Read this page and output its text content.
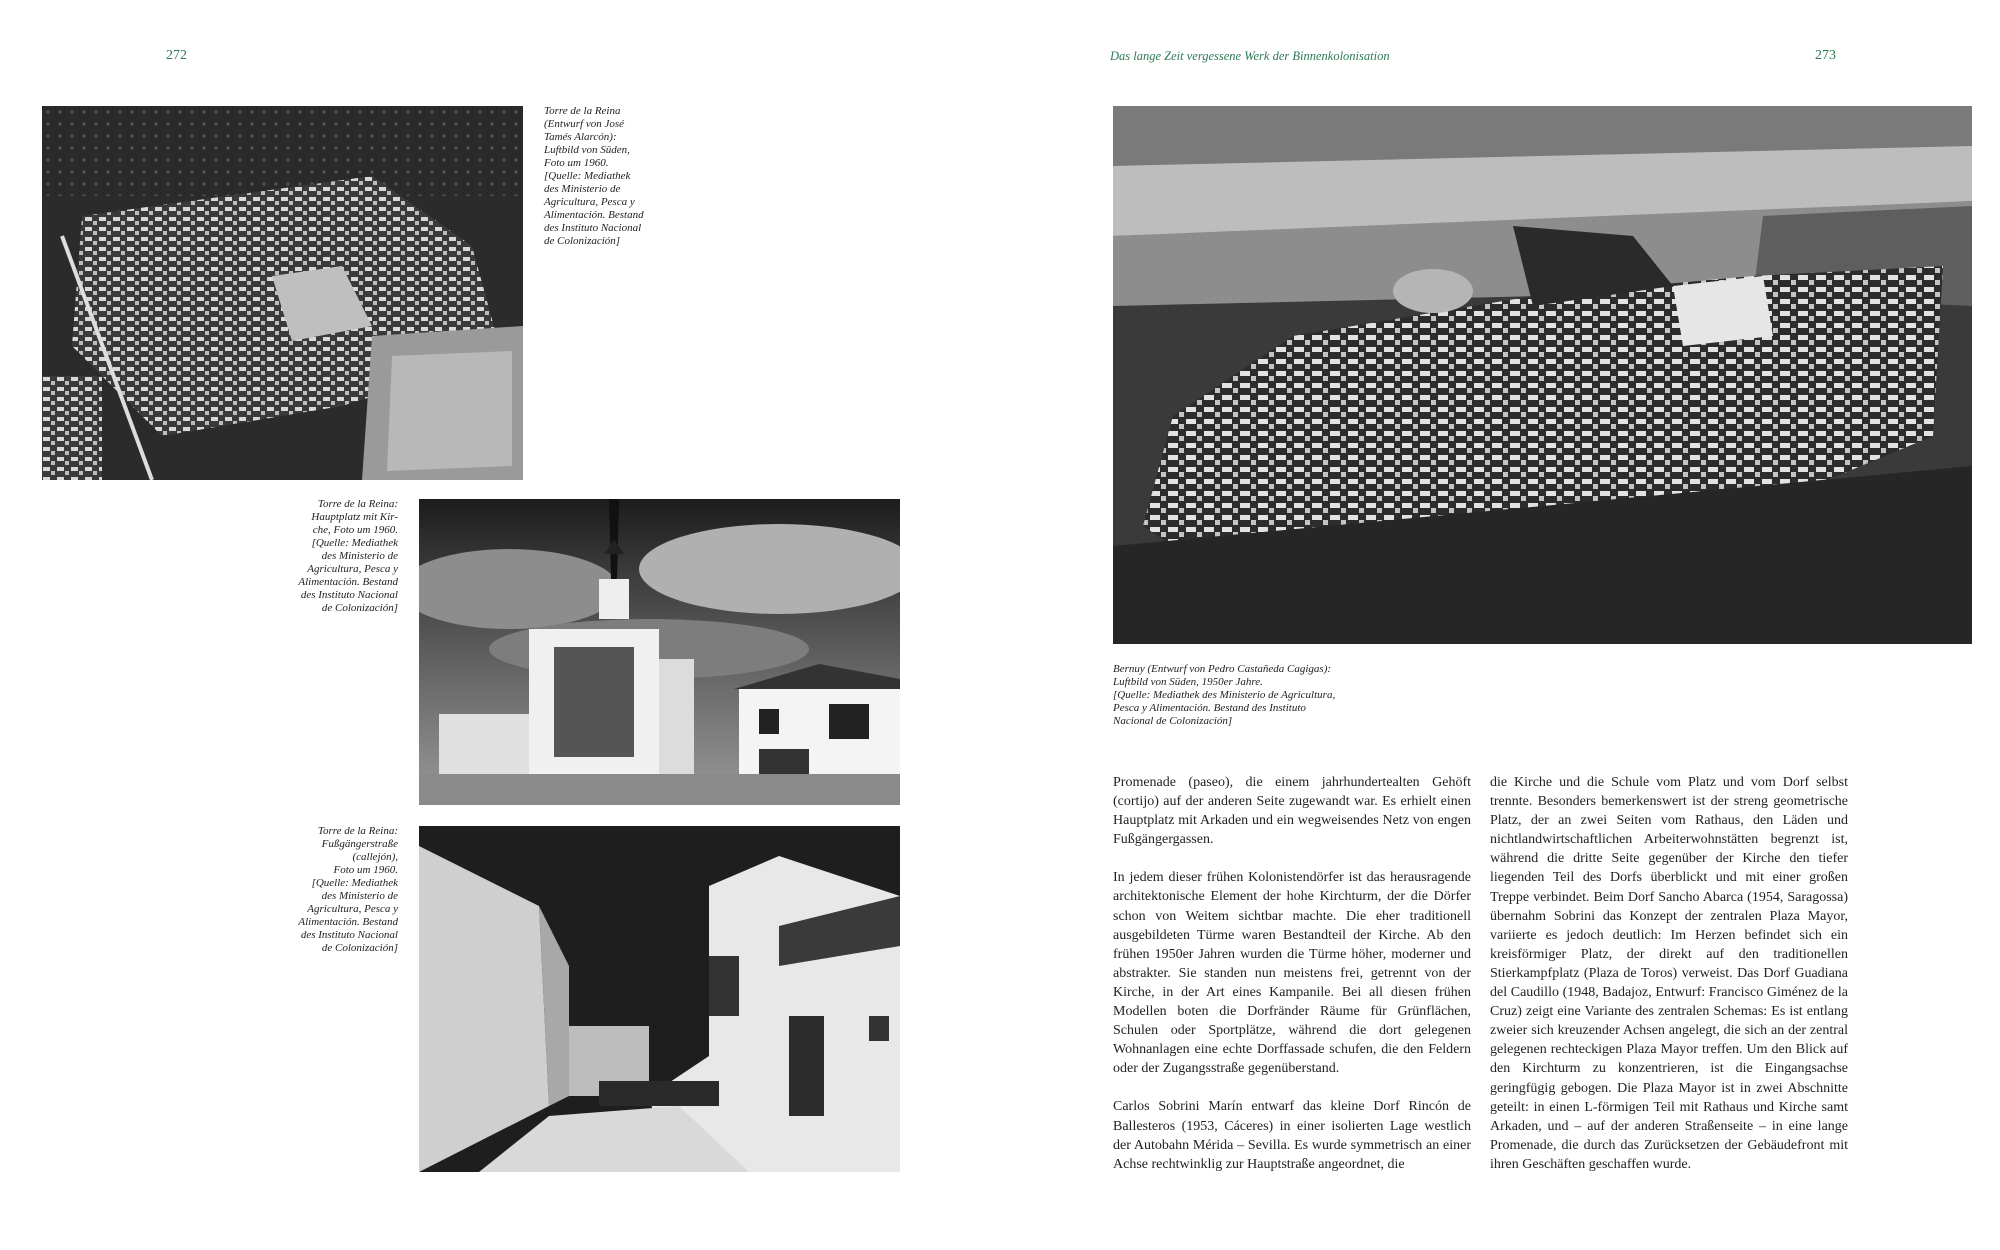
272	Das lange Zeit vergessene Werk der Binnenkolonisation	273
Torre de la Reina
(Entwurf von José
Tamés Alarcón):
Luftbild von Süden,
Foto um 1960.
[Quelle: Mediathek
des Ministerio de
Agricultura, Pesca y
Alimentación. Bestand
des Instituto Nacional
de Colonización]
Torre de la Reina:
Hauptplatz mit Kir-
che, Foto um 1960.
[Quelle: Mediathek
des Ministerio de
Agricultura, Pesca y
Alimentación. Bestand
des Instituto Nacional
de Colonización]
Torre de la Reina:
Fußgängerstraße
(callejón),
Foto um 1960.
[Quelle: Mediathek
des Ministerio de
Agricultura, Pesca y
Alimentación. Bestand
des Instituto Nacional
de Colonización]
Bernuy (Entwurf von Pedro Castañeda Cagigas):
Luftbild von Süden, 1950er Jahre.
[Quelle: Mediathek des Ministerio de Agricultura,
Pesca y Alimentación. Bestand des Instituto
Nacional de Colonización]

Promenade (paseo), die einem jahrhundertealten Gehöft (cortijo) auf der anderen Seite zugewandt war. Es erhielt einen Hauptplatz mit Arkaden und ein wegweisendes Netz von engen Fußgängergassen.

In jedem dieser frühen Kolonistendörfer ist das herausragende architektonische Element der hohe Kirchturm, der die Dörfer schon von Weitem sichtbar machte. Die eher traditionell ausgebildeten Türme waren Bestandteil der Kirche. Ab den frühen 1950er Jahren wurden die Türme höher, moderner und abstrakter. Sie standen nun meistens frei, getrennt von der Kirche, in der Art eines Kampanile. Bei all diesen frühen Modellen boten die Dorfränder Räume für Grünflächen, Schulen oder Sportplätze, während die dort gelegenen Wohnanlagen eine echte Dorffassade schufen, die den Feldern oder der Zugangsstraße gegenüberstand.

Carlos Sobrini Marín entwarf das kleine Dorf Rincón de Ballesteros (1953, Cáceres) in einer isolierten Lage westlich der Autobahn Mérida – Sevilla. Es wurde symmetrisch an einer Achse rechtwinklig zur Hauptstraße angeordnet, die

die Kirche und die Schule vom Platz und vom Dorf selbst trennte. Besonders bemerkenswert ist der streng geometrische Platz, der an zwei Seiten vom Rathaus, den Läden und nichtlandwirtschaftlichen Arbeiterwohnstätten begrenzt ist, während die dritte Seite gegenüber der Kirche den tiefer liegenden Teil des Dorfs überblickt und mit einer großen Treppe verbindet. Beim Dorf Sancho Abarca (1954, Saragossa) übernahm Sobrini das Konzept der zentralen Plaza Mayor, variierte es jedoch deutlich: Im Herzen befindet sich ein kreisförmiger Platz, der direkt auf den traditionellen Stierkampfplatz (Plaza de Toros) verweist. Das Dorf Guadiana del Caudillo (1948, Badajoz, Entwurf: Francisco Giménez de la Cruz) zeigt eine Variante des zentralen Schemas: Es ist entlang zweier sich kreuzender Achsen angelegt, die sich an der zentral gelegenen rechteckigen Plaza Mayor treffen. Um den Blick auf den Kirchturm zu konzentrieren, ist die Eingangsachse geringfügig gebogen. Die Plaza Mayor ist in zwei Abschnitte geteilt: in einen L-förmigen Teil mit Rathaus und Kirche samt Arkaden, und – auf der anderen Straßenseite – in eine lange Promenade, die durch das Zurücksetzen der Gebäudefront mit ihren Geschäften geschaffen wurde.
